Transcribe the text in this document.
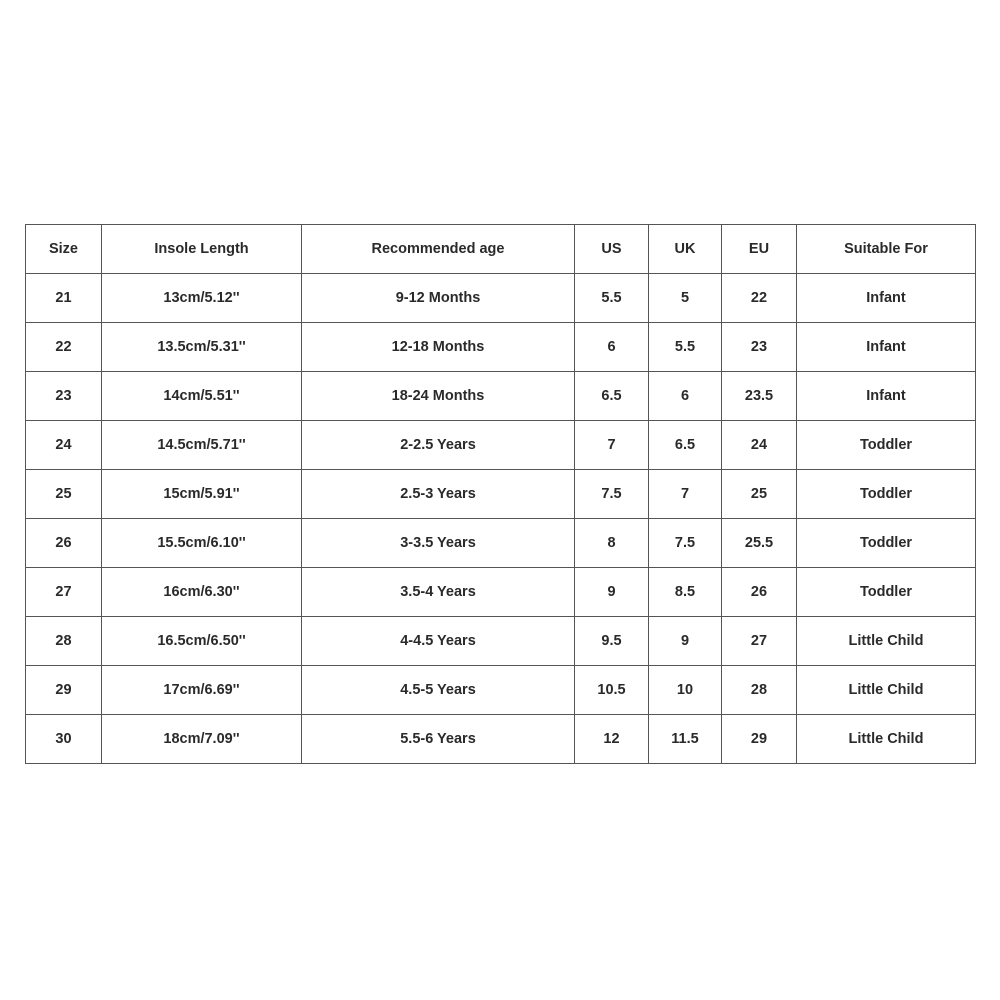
Size	Insole Length	Recommended age	US	UK	EU	Suitable For
21	13cm/5.12''	9-12 Months	5.5	5	22	Infant
22	13.5cm/5.31''	12-18 Months	6	5.5	23	Infant
23	14cm/5.51''	18-24 Months	6.5	6	23.5	Infant
24	14.5cm/5.71''	2-2.5 Years	7	6.5	24	Toddler
25	15cm/5.91''	2.5-3 Years	7.5	7	25	Toddler
26	15.5cm/6.10''	3-3.5 Years	8	7.5	25.5	Toddler
27	16cm/6.30''	3.5-4 Years	9	8.5	26	Toddler
28	16.5cm/6.50''	4-4.5 Years	9.5	9	27	Little Child
29	17cm/6.69''	4.5-5 Years	10.5	10	28	Little Child
30	18cm/7.09''	5.5-6 Years	12	11.5	29	Little Child
